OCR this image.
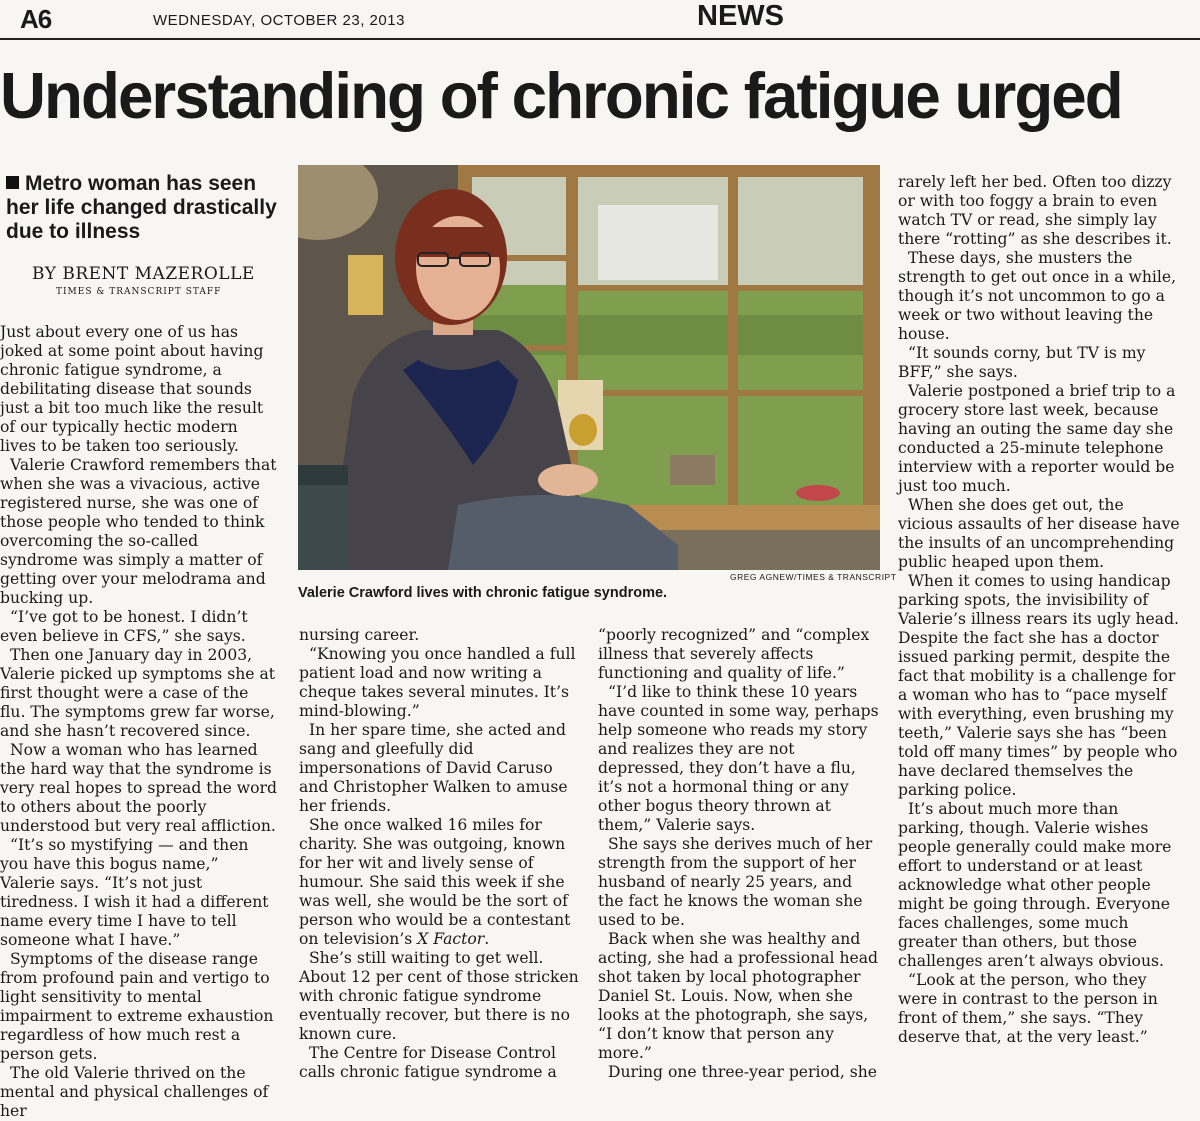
A6	WEDNESDAY, OCTOBER 23, 2013	NEWS
Understanding of chronic fatigue urged
Metro woman has seen her life changed drastically due to illness
BY BRENT MAZEROLLE
TIMES & TRANSCRIPT STAFF
GREG AGNEW/TIMES & TRANSCRIPT
Valerie Crawford lives with chronic fatigue syndrome.

Just about every one of us has joked at some point about having chronic fatigue syndrome, a debilitating disease that sounds just a bit too much like the result of our typically hectic modern lives to be taken too seriously.

Valerie Crawford remembers that when she was a vivacious, active registered nurse, she was one of those people who tended to think overcoming the so-called syndrome was simply a matter of getting over your melodrama and bucking up.

“I’ve got to be honest. I didn’t even believe in CFS,” she says.

Then one January day in 2003, Valerie picked up symptoms she at first thought were a case of the flu. The symptoms grew far worse, and she hasn’t recovered since.

Now a woman who has learned the hard way that the syndrome is very real hopes to spread the word to others about the poorly understood but very real affliction.

“It’s so mystifying — and then you have this bogus name,” Valerie says. “It’s not just tiredness. I wish it had a different name every time I have to tell someone what I have.”

Symptoms of the disease range from profound pain and vertigo to light sensitivity to mental impairment to extreme exhaustion regardless of how much rest a person gets.

The old Valerie thrived on the mental and physical challenges of her

nursing career.

“Knowing you once handled a full patient load and now writing a cheque takes several minutes. It’s mind-blowing.”

In her spare time, she acted and sang and gleefully did impersonations of David Caruso and Christopher Walken to amuse her friends.

She once walked 16 miles for charity. She was outgoing, known for her wit and lively sense of humour. She said this week if she was well, she would be the sort of person who would be a contestant on television’s X Factor.

She’s still waiting to get well. About 12 per cent of those stricken with chronic fatigue syndrome eventually recover, but there is no known cure.

The Centre for Disease Control calls chronic fatigue syndrome a

“poorly recognized” and “complex illness that severely affects functioning and quality of life.”

“I’d like to think these 10 years have counted in some way, perhaps help someone who reads my story and realizes they are not depressed, they don’t have a flu, it’s not a hormonal thing or any other bogus theory thrown at them,” Valerie says.

She says she derives much of her strength from the support of her husband of nearly 25 years, and the fact he knows the woman she used to be.

Back when she was healthy and acting, she had a professional head shot taken by local photographer Daniel St. Louis. Now, when she looks at the photograph, she says, “I don’t know that person any more.”

During one three-year period, she

rarely left her bed. Often too dizzy or with too foggy a brain to even watch TV or read, she simply lay there “rotting” as she describes it.

These days, she musters the strength to get out once in a while, though it’s not uncommon to go a week or two without leaving the house.

“It sounds corny, but TV is my BFF,” she says.

Valerie postponed a brief trip to a grocery store last week, because having an outing the same day she conducted a 25-minute telephone interview with a reporter would be just too much.

When she does get out, the vicious assaults of her disease have the insults of an uncomprehending public heaped upon them.

When it comes to using handicap parking spots, the invisibility of Valerie’s illness rears its ugly head. Despite the fact she has a doctor issued parking permit, despite the fact that mobility is a challenge for a woman who has to “pace myself with everything, even brushing my teeth,” Valerie says she has “been told off many times” by people who have declared themselves the parking police.

It’s about much more than parking, though. Valerie wishes people generally could make more effort to understand or at least acknowledge what other people might be going through. Everyone faces challenges, some much greater than others, but those challenges aren’t always obvious.

“Look at the person, who they were in contrast to the person in front of them,” she says. “They deserve that, at the very least.”
